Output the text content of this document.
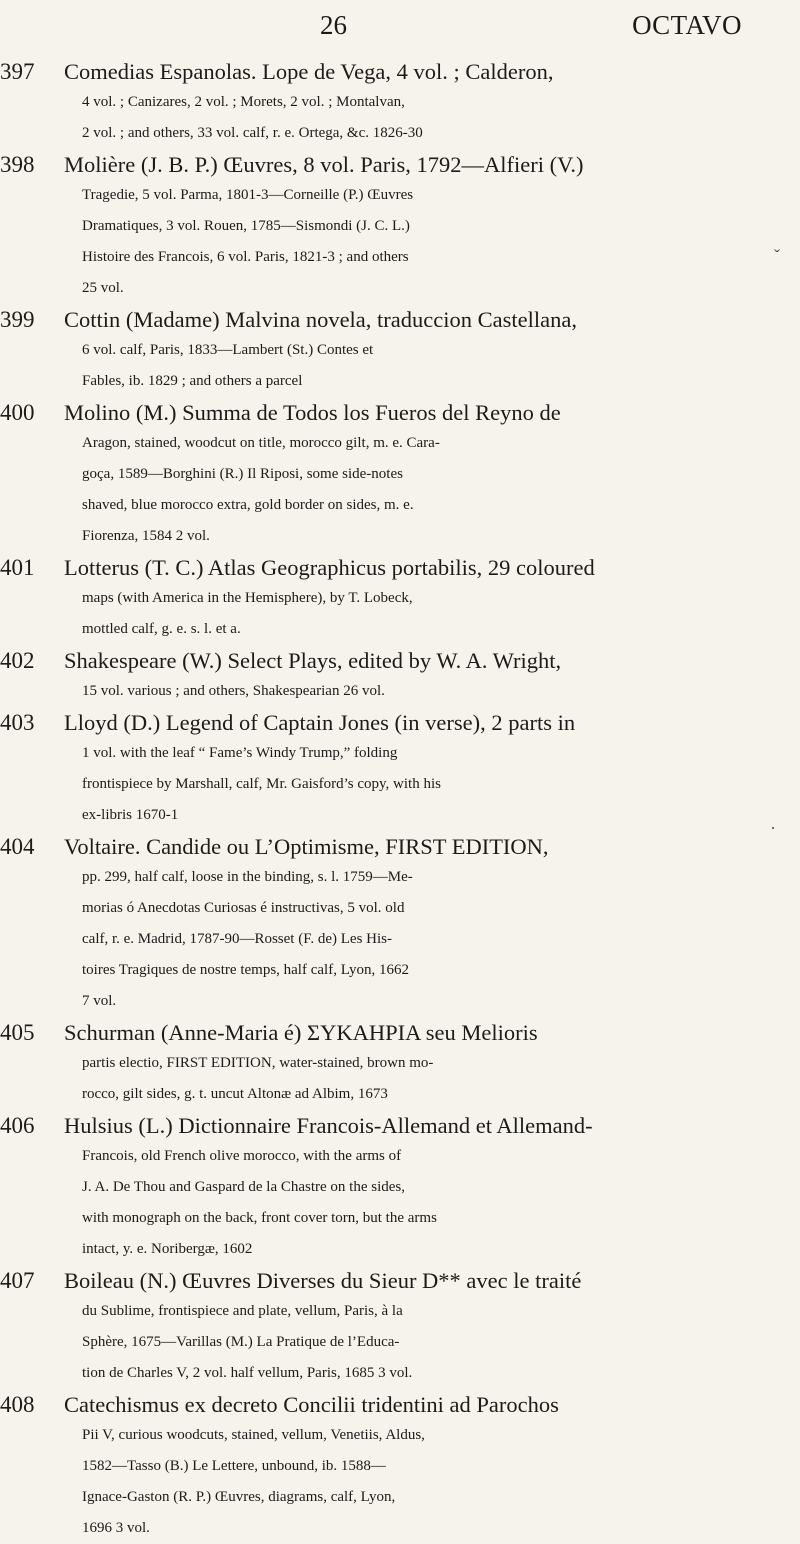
26	OCTAVO
ˇ
·
397	Comedias Espanolas. Lope de Vega, 4 vol. ; Calderon,
4 vol. ; Canizares, 2 vol. ; Morets, 2 vol. ; Montalvan,
2 vol. ; and others, 33 vol. calf, r. e. Ortega, &c. 1826-30
398	Molière (J. B. P.) Œuvres, 8 vol. Paris, 1792—Alfieri (V.)
Tragedie, 5 vol. Parma, 1801-3—Corneille (P.) Œuvres
Dramatiques, 3 vol. Rouen, 1785—Sismondi (J. C. L.)
Histoire des Francois, 6 vol. Paris, 1821-3 ; and others
25 vol.
399	Cottin (Madame) Malvina novela, traduccion Castellana,
6 vol. calf, Paris, 1833—Lambert (St.) Contes et
Fables, ib. 1829 ; and others a parcel
400	Molino (M.) Summa de Todos los Fueros del Reyno de
Aragon, stained, woodcut on title, morocco gilt, m. e. Cara-
goça, 1589—Borghini (R.) Il Riposi, some side-notes
shaved, blue morocco extra, gold border on sides, m. e.
Fiorenza, 1584 2 vol.
401	Lotterus (T. C.) Atlas Geographicus portabilis, 29 coloured
maps (with America in the Hemisphere), by T. Lobeck,
mottled calf, g. e. s. l. et a.
402	Shakespeare (W.) Select Plays, edited by W. A. Wright,
15 vol. various ; and others, Shakespearian 26 vol.
403	Lloyd (D.) Legend of Captain Jones (in verse), 2 parts in
1 vol. with the leaf “ Fame’s Windy Trump,” folding
frontispiece by Marshall, calf, Mr. Gaisford’s copy, with his
ex-libris 1670-1
404	Voltaire. Candide ou L’Optimisme, FIRST EDITION,
pp. 299, half calf, loose in the binding, s. l. 1759—Me-
morias ó Anecdotas Curiosas é instructivas, 5 vol. old
calf, r. e. Madrid, 1787-90—Rosset (F. de) Les His-
toires Tragiques de nostre temps, half calf, Lyon, 1662
7 vol.
405	Schurman (Anne-Maria é) ΣΥΚΑΗΡΙΑ seu Melioris
partis electio, FIRST EDITION, water-stained, brown mo-
rocco, gilt sides, g. t. uncut Altonæ ad Albim, 1673
406	Hulsius (L.) Dictionnaire Francois-Allemand et Allemand-
Francois, old French olive morocco, with the arms of
J. A. De Thou and Gaspard de la Chastre on the sides,
with monograph on the back, front cover torn, but the arms
intact, y. e. Noribergæ, 1602
407	Boileau (N.) Œuvres Diverses du Sieur D** avec le traité
du Sublime, frontispiece and plate, vellum, Paris, à la
Sphère, 1675—Varillas (M.) La Pratique de l’Educa-
tion de Charles V, 2 vol. half vellum, Paris, 1685 3 vol.
408	Catechismus ex decreto Concilii tridentini ad Parochos
Pii V, curious woodcuts, stained, vellum, Venetiis, Aldus,
1582—Tasso (B.) Le Lettere, unbound, ib. 1588—
Ignace-Gaston (R. P.) Œuvres, diagrams, calf, Lyon,
1696 3 vol.
